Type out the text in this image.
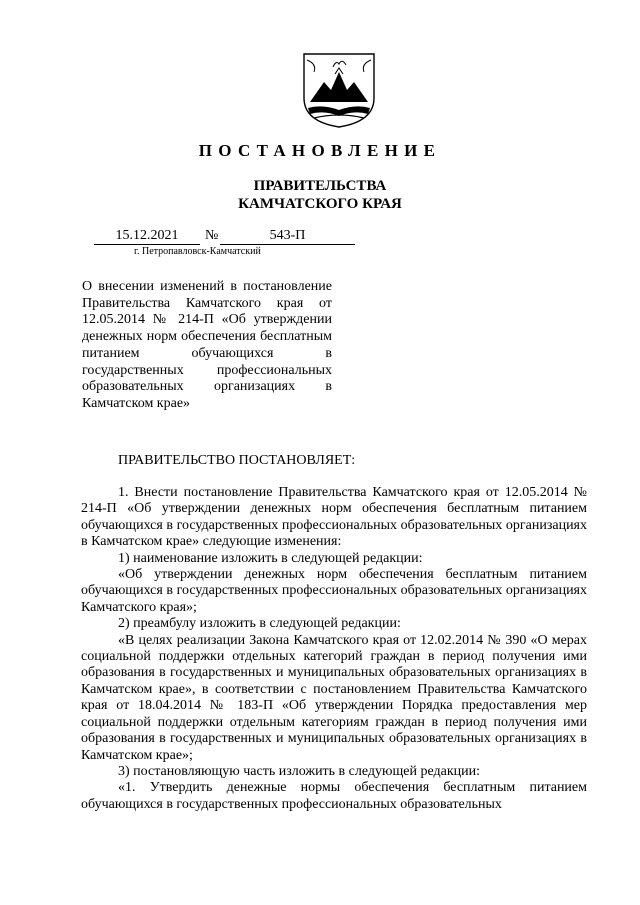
ПОСТАНОВЛЕНИЕ
ПРАВИТЕЛЬСТВА
КАМЧАТСКОГО КРАЯ
15.12.2021	№	543-П
г. Петропавловск-Камчатский
О внесении изменений в постановление Правительства Камчатского края от 12.05.2014 № 214-П «Об утверждении денежных норм обеспечения бесплатным питанием обучающихся в государственных профессиональных образовательных организациях в Камчатском крае»
ПРАВИТЕЛЬСТВО ПОСТАНОВЛЯЕТ:

1. Внести постановление Правительства Камчатского края от 12.05.2014 № 214-П «Об утверждении денежных норм обеспечения бесплатным питанием обучающихся в государственных профессиональных образовательных организациях в Камчатском крае» следующие изменения:

1) наименование изложить в следующей редакции:

«Об утверждении денежных норм обеспечения бесплатным питанием обучающихся в государственных профессиональных образовательных организациях Камчатского края»;

2) преамбулу изложить в следующей редакции:

«В целях реализации Закона Камчатского края от 12.02.2014 № 390 «О мерах социальной поддержки отдельных категорий граждан в период получения ими образования в государственных и муниципальных образовательных организациях в Камчатском крае», в соответствии с постановлением Правительства Камчатского края от 18.04.2014 № 183-П «Об утверждении Порядка предоставления мер социальной поддержки отдельным категориям граждан в период получения ими образования в государственных и муниципальных образовательных организациях в Камчатском крае»;

3) постановляющую часть изложить в следующей редакции:

«1. Утвердить денежные нормы обеспечения бесплатным питанием обучающихся в государственных профессиональных образовательных
